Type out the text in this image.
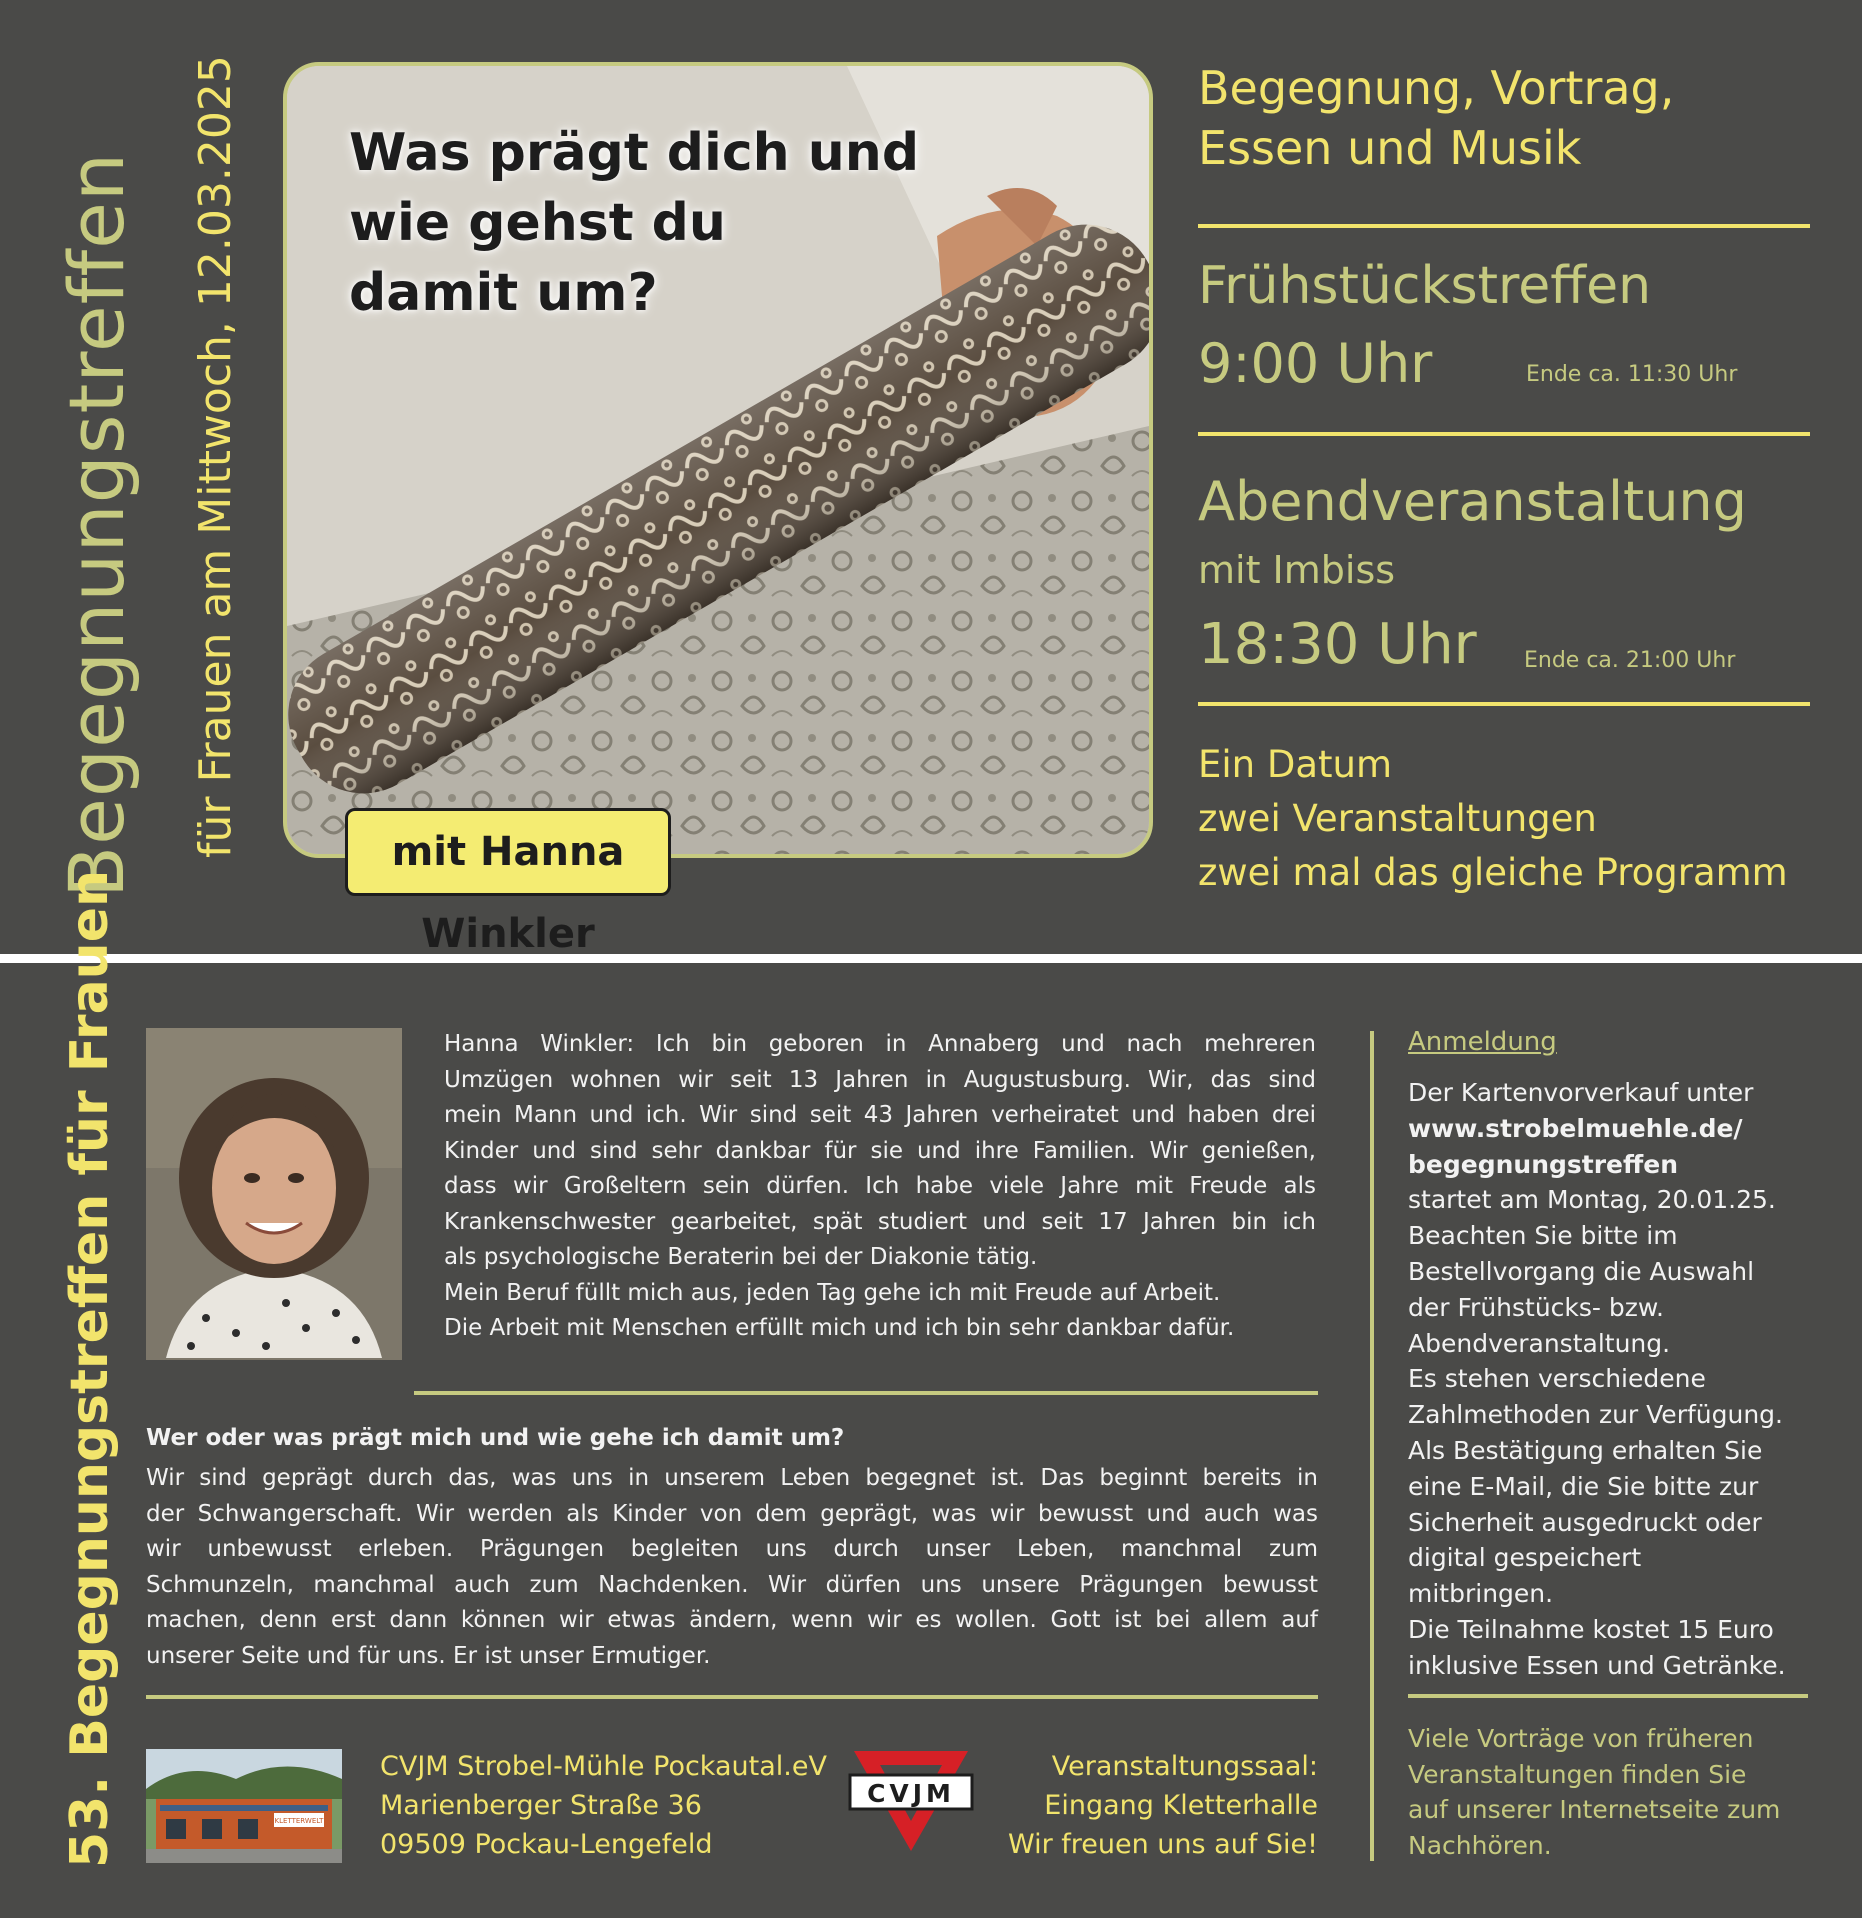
Begegnungstreffen für Frauen am Mittwoch, 12.03.2025 Was prägt dich und
wie gehst du
damit um?
mit Hanna Winkler
Begegnung, Vortrag,
Essen und Musik
Frühstückstreffen
9:00 Uhr	Ende ca. 11:30 Uhr
Abendveranstaltung
mit Imbiss
18:30 Uhr Ende ca. 21:00 Uhr
Ein Datum
zwei Veranstaltungen
zwei mal das gleiche Programm
53. Begegnungstreffen für Frauen	Hanna Winkler: Ich bin geboren in Annaberg und nach mehreren
Umzügen wohnen wir seit 13 Jahren in Augustusburg. Wir, das sind
mein Mann und ich. Wir sind seit 43 Jahren verheiratet und haben drei
Kinder und sind sehr dankbar für sie und ihre Familien. Wir genießen,
dass wir Großeltern sein dürfen. Ich habe viele Jahre mit Freude als
Krankenschwester gearbeitet, spät studiert und seit 17 Jahren bin ich
als psychologische Beraterin bei der Diakonie tätig.
Mein Beruf füllt mich aus, jeden Tag gehe ich mit Freude auf Arbeit.
Die Arbeit mit Menschen erfüllt mich und ich bin sehr dankbar dafür.
Wer oder was prägt mich und wie gehe ich damit um?
Wir sind geprägt durch das, was uns in unserem Leben begegnet ist. Das beginnt bereits in
der Schwangerschaft. Wir werden als Kinder von dem geprägt, was wir bewusst und auch was
wir unbewusst erleben. Prägungen begleiten uns durch unser Leben, manchmal zum
Schmunzeln, manchmal auch zum Nachdenken. Wir dürfen uns unsere Prägungen bewusst
machen, denn erst dann können wir etwas ändern, wenn wir es wollen. Gott ist bei allem auf
unserer Seite und für uns. Er ist unser Ermutiger.
KLETTERWELT
CVJM Strobel-Mühle Pockautal.eV
Marienberger Straße 36
09509 Pockau-Lengefeld
CVJM
Veranstaltungssaal:
Eingang Kletterhalle
Wir freuen uns auf Sie!
Anmeldung
Der Kartenvorverkauf unter
www.strobelmuehle.de/
begegnungstreffen
startet am Montag, 20.01.25.
Beachten Sie bitte im
Bestellvorgang die Auswahl
der Frühstücks- bzw.
Abendveranstaltung.
Es stehen verschiedene
Zahlmethoden zur Verfügung.
Als Bestätigung erhalten Sie
eine E-Mail, die Sie bitte zur
Sicherheit ausgedruckt oder
digital gespeichert
mitbringen.
Die Teilnahme kostet 15 Euro
inklusive Essen und Getränke.
Viele Vorträge von früheren
Veranstaltungen finden Sie
auf unserer Internetseite zum
Nachhören.
